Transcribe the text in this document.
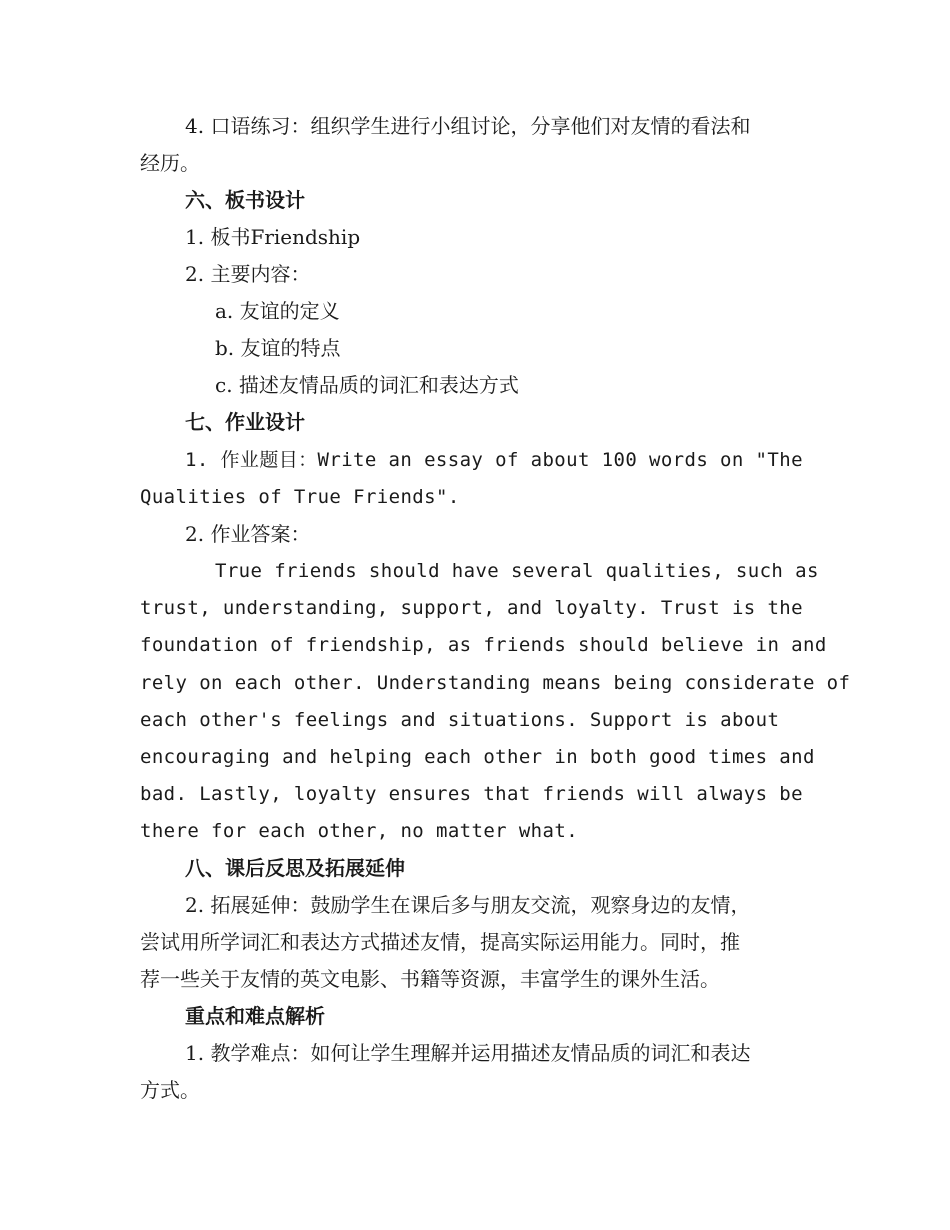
4. 口语练习：组织学生进行小组讨论，分享他们对友情的看法和
经历。
六、板书设计
1. 板书Friendship
2. 主要内容：
a. 友谊的定义
b. 友谊的特点
c. 描述友情品质的词汇和表达方式
七、作业设计
1. 作业题目：Write an essay of about 100 words on "The
Qualities of True Friends".
2. 作业答案：
True friends should have several qualities, such as
trust, understanding, support, and loyalty. Trust is the
foundation of friendship, as friends should believe in and
rely on each other. Understanding means being considerate of
each other's feelings and situations. Support is about
encouraging and helping each other in both good times and
bad. Lastly, loyalty ensures that friends will always be
there for each other, no matter what.
八、课后反思及拓展延伸
2. 拓展延伸：鼓励学生在课后多与朋友交流，观察身边的友情，
尝试用所学词汇和表达方式描述友情，提高实际运用能力。同时，推
荐一些关于友情的英文电影、书籍等资源，丰富学生的课外生活。
重点和难点解析
1. 教学难点：如何让学生理解并运用描述友情品质的词汇和表达
方式。
